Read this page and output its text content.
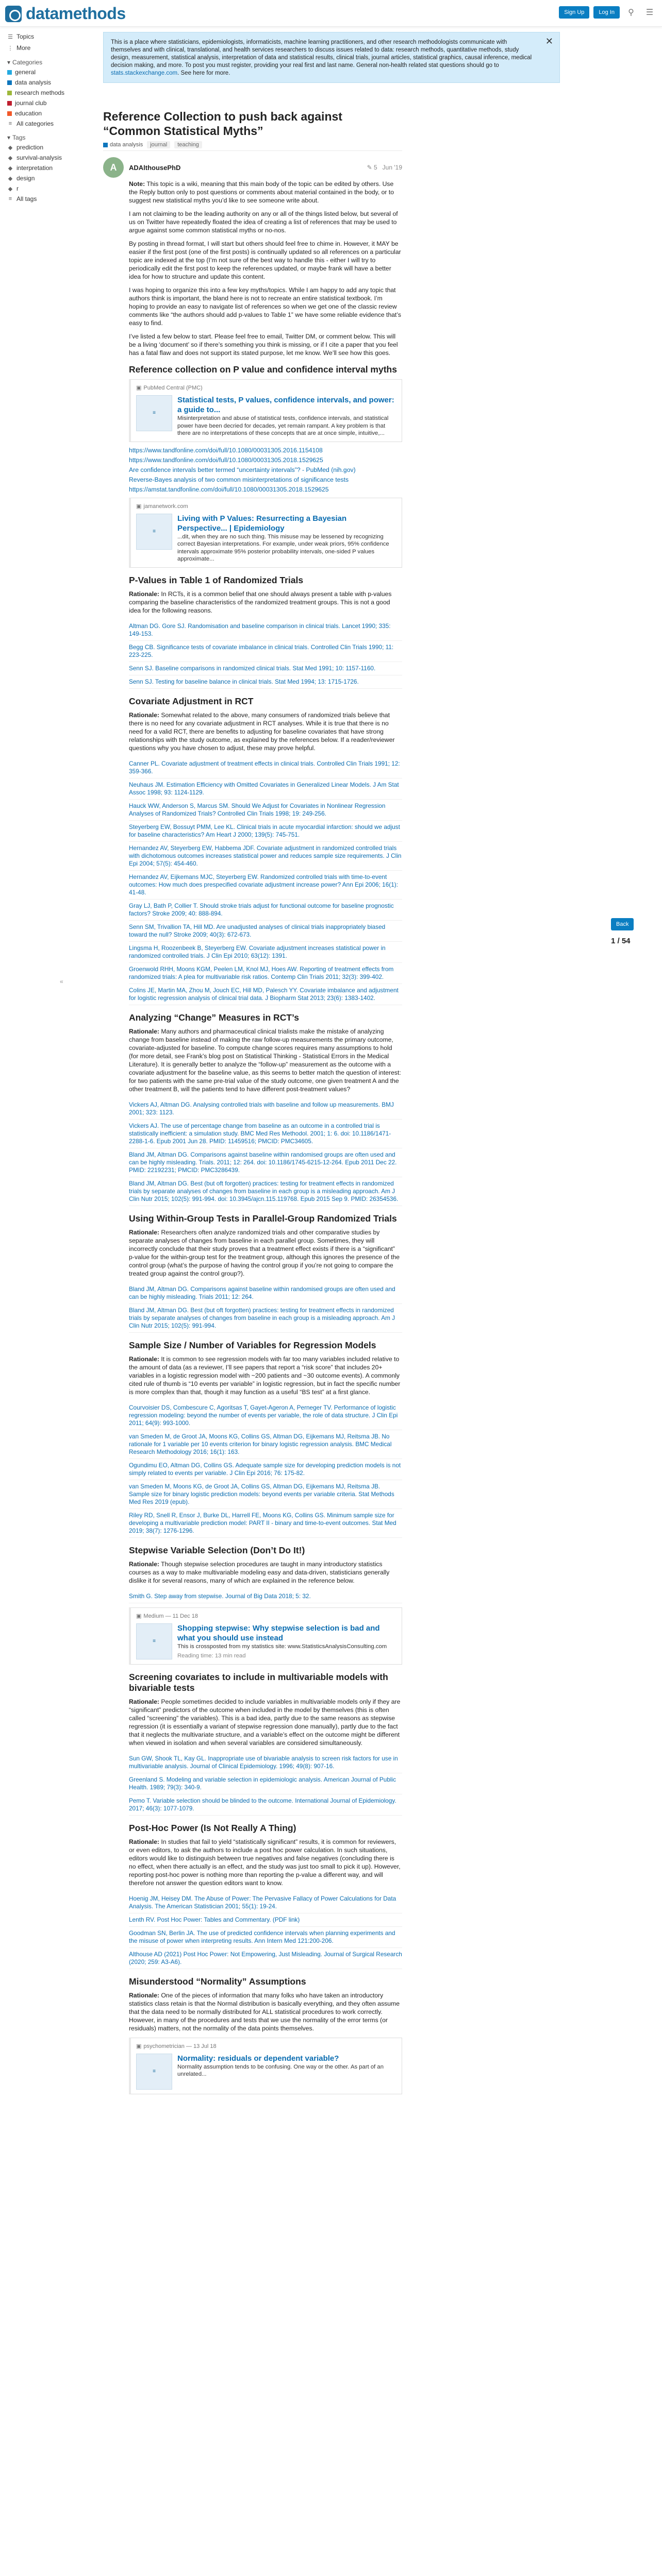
datamethods	Sign Up	Log In	⚲	☰
☰ Topics
⋮ More
▾ Categories
general
data analysis
research methods
journal club
education
≡ All categories
▾ Tags
◆ prediction
◆ survival-analysis
◆ interpretation
◆ design
◆ r
≡ All tags
This is a place where statisticians, epidemiologists, informaticists, machine learning practitioners, and other research methodologists communicate with themselves and with clinical, translational, and health services researchers to discuss issues related to data: research methods, quantitative methods, study design, measurement, statistical analysis, interpretation of data and statistical results, clinical trials, journal articles, statistical graphics, causal inference, medical decision making, and more. To post you must register, providing your real first and last name. General non-health related stat questions should go to stats.stackexchange.com. See here for more.
✕
Reference Collection to push back against “Common Statistical Myths”
data analysis	journal	teaching
A	ADAlthousePhD	✎ 5 Jun '19

Note: This topic is a wiki, meaning that this main body of the topic can be edited by others. Use the Reply button only to post questions or comments about material contained in the body, or to suggest new statistical myths you’d like to see someone write about.

I am not claiming to be the leading authority on any or all of the things listed below, but several of us on Twitter have repeatedly floated the idea of creating a list of references that may be used to argue against some common statistical myths or no-nos.

By posting in thread format, I will start but others should feel free to chime in. However, it MAY be easier if the first post (one of the first posts) is continually updated so all references on a particular topic are indexed at the top (I’m not sure of the best way to handle this - either I will try to periodically edit the first post to keep the references updated, or maybe frank will have a better idea for how to structure and update this content.

I was hoping to organize this into a few key myths/topics. While I am happy to add any topic that authors think is important, the bland here is not to recreate an entire statistical textbook. I’m hoping to provide an easy to navigate list of references so when we get one of the classic review comments like “the authors should add p-values to Table 1” we have some reliable evidence that’s easy to find.

I’ve listed a few below to start. Please feel free to email, Twitter DM, or comment below. This will be a living ‘document’ so if there’s something you think is missing, or if I cite a paper that you feel has a fatal flaw and does not support its stated purpose, let me know. We’ll see how this goes.

Reference collection on P value and confidence interval myths
▣ PubMed Central (PMC)
≡
Statistical tests, P values, confidence intervals, and power: a guide to...
Misinterpretation and abuse of statistical tests, confidence intervals, and statistical power have been decried for decades, yet remain rampant. A key problem is that there are no interpretations of these concepts that are at once simple, intuitive,...
https://www.tandfonline.com/doi/full/10.1080/00031305.2016.1154108
https://www.tandfonline.com/doi/full/10.1080/00031305.2018.1529625
Are confidence intervals better termed “uncertainty intervals”? - PubMed (nih.gov)
Reverse-Bayes analysis of two common misinterpretations of significance tests
https://amstat.tandfonline.com/doi/full/10.1080/00031305.2018.1529625
▣ jamanetwork.com
≡
Living with P Values: Resurrecting a Bayesian Perspective... | Epidemiology
...dit, when they are no such thing. This misuse may be lessened by recognizing correct Bayesian interpretations. For example, under weak priors, 95% confidence intervals approximate 95% posterior probability intervals, one-sided P values approximate...
P-Values in Table 1 of Randomized Trials

Rationale: In RCTs, it is a common belief that one should always present a table with p-values comparing the baseline characteristics of the randomized treatment groups. This is not a good idea for the following reasons.

Altman DG. Gore SJ. Randomisation and baseline comparison in clinical trials. Lancet 1990; 335: 149-153.
Begg CB. Significance tests of covariate imbalance in clinical trials. Controlled Clin Trials 1990; 11: 223-225.
Senn SJ. Baseline comparisons in randomized clinical trials. Stat Med 1991; 10: 1157-1160.
Senn SJ. Testing for baseline balance in clinical trials. Stat Med 1994; 13: 1715-1726.
Covariate Adjustment in RCT

Rationale: Somewhat related to the above, many consumers of randomized trials believe that there is no need for any covariate adjustment in RCT analyses. While it is true that there is no need for a valid RCT, there are benefits to adjusting for baseline covariates that have strong relationships with the study outcome, as explained by the references below. If a reader/reviewer questions why you have chosen to adjust, these may prove helpful.

Canner PL. Covariate adjustment of treatment effects in clinical trials. Controlled Clin Trials 1991; 12: 359-366.
Neuhaus JM. Estimation Efficiency with Omitted Covariates in Generalized Linear Models. J Am Stat Assoc 1998; 93: 1124-1129.
Hauck WW, Anderson S, Marcus SM. Should We Adjust for Covariates in Nonlinear Regression Analyses of Randomized Trials? Controlled Clin Trials 1998; 19: 249-256.
Steyerberg EW, Bossuyt PMM, Lee KL. Clinical trials in acute myocardial infarction: should we adjust for baseline characteristics? Am Heart J 2000; 139(5): 745-751.
Hernandez AV, Steyerberg EW, Habbema JDF. Covariate adjustment in randomized controlled trials with dichotomous outcomes increases statistical power and reduces sample size requirements. J Clin Epi 2004; 57(5): 454-460.
Hernandez AV, Eijkemans MJC, Steyerberg EW. Randomized controlled trials with time-to-event outcomes: How much does prespecified covariate adjustment increase power? Ann Epi 2006; 16(1): 41-48.
Gray LJ, Bath P, Collier T. Should stroke trials adjust for functional outcome for baseline prognostic factors? Stroke 2009; 40: 888-894.
Senn SM, Trivallion TA, Hill MD. Are unadjusted analyses of clinical trials inappropriately biased toward the null? Stroke 2009; 40(3): 672-673.
Lingsma H, Roozenbeek B, Steyerberg EW. Covariate adjustment increases statistical power in randomized controlled trials. J Clin Epi 2010; 63(12): 1391.
Groenwold RHH, Moons KGM, Peelen LM, Knol MJ, Hoes AW. Reporting of treatment effects from randomized trials: A plea for multivariable risk ratios. Contemp Clin Trials 2011; 32(3): 399-402.
Colins JE, Martin MA, Zhou M, Jouch EC, Hill MD, Palesch YY. Covariate imbalance and adjustment for logistic regression analysis of clinical trial data. J Biopharm Stat 2013; 23(6): 1383-1402.
Analyzing “Change” Measures in RCT’s

Rationale: Many authors and pharmaceutical clinical trialists make the mistake of analyzing change from baseline instead of making the raw follow-up measurements the primary outcome, covariate-adjusted for baseline. To compute change scores requires many assumptions to hold (for more detail, see Frank’s blog post on Statistical Thinking - Statistical Errors in the Medical Literature). It is generally better to analyze the “follow-up” measurement as the outcome with a covariate adjustment for the baseline value, as this seems to better match the question of interest: for two patients with the same pre-trial value of the study outcome, one given treatment A and the other treatment B, will the patients tend to have different post-treatment values?

Vickers AJ, Altman DG. Analysing controlled trials with baseline and follow up measurements. BMJ 2001; 323: 1123.
Vickers AJ. The use of percentage change from baseline as an outcome in a controlled trial is statistically inefficient: a simulation study. BMC Med Res Methodol. 2001; 1: 6. doi: 10.1186/1471-2288-1-6. Epub 2001 Jun 28. PMID: 11459516; PMCID: PMC34605.
Bland JM, Altman DG. Comparisons against baseline within randomised groups are often used and can be highly misleading. Trials. 2011; 12: 264. doi: 10.1186/1745-6215-12-264. Epub 2011 Dec 22. PMID: 22192231; PMCID: PMC3286439.
Bland JM, Altman DG. Best (but oft forgotten) practices: testing for treatment effects in randomized trials by separate analyses of changes from baseline in each group is a misleading approach. Am J Clin Nutr 2015; 102(5): 991-994. doi: 10.3945/ajcn.115.119768. Epub 2015 Sep 9. PMID: 26354536.
Using Within-Group Tests in Parallel-Group Randomized Trials

Rationale: Researchers often analyze randomized trials and other comparative studies by separate analyses of changes from baseline in each parallel group. Sometimes, they will incorrectly conclude that their study proves that a treatment effect exists if there is a “significant” p-value for the within-group test for the treatment group, although this ignores the presence of the control group (what’s the purpose of having the control group if you’re not going to compare the treated group against the control group?).

Bland JM, Altman DG. Comparisons against baseline within randomised groups are often used and can be highly misleading. Trials 2011; 12: 264.
Bland JM, Altman DG. Best (but oft forgotten) practices: testing for treatment effects in randomized trials by separate analyses of changes from baseline in each group is a misleading approach. Am J Clin Nutr 2015; 102(5): 991-994.
Sample Size / Number of Variables for Regression Models

Rationale: It is common to see regression models with far too many variables included relative to the amount of data (as a reviewer, I’ll see papers that report a “risk score” that includes 20+ variables in a logistic regression model with ~200 patients and ~30 outcome events). A commonly cited rule of thumb is “10 events per variable” in logistic regression, but in fact the specific number is more complex than that, though it may function as a useful “BS test” at a first glance.

Courvoisier DS, Combescure C, Agoritsas T, Gayet-Ageron A, Perneger TV. Performance of logistic regression modeling: beyond the number of events per variable, the role of data structure. J Clin Epi 2011; 64(9): 993-1000.
van Smeden M, de Groot JA, Moons KG, Collins GS, Altman DG, Eijkemans MJ, Reitsma JB. No rationale for 1 variable per 10 events criterion for binary logistic regression analysis. BMC Medical Research Methodology 2016; 16(1): 163.
Ogundimu EO, Altman DG, Collins GS. Adequate sample size for developing prediction models is not simply related to events per variable. J Clin Epi 2016; 76: 175-82.
van Smeden M, Moons KG, de Groot JA, Collins GS, Altman DG, Eijkemans MJ, Reitsma JB. Sample size for binary logistic prediction models: beyond events per variable criteria. Stat Methods Med Res 2019 (epub).
Riley RD, Snell R, Ensor J, Burke DL, Harrell FE, Moons KG, Collins GS. Minimum sample size for developing a multivariable prediction model: PART II - binary and time-to-event outcomes. Stat Med 2019; 38(7): 1276-1296.
Stepwise Variable Selection (Don’t Do It!)

Rationale: Though stepwise selection procedures are taught in many introductory statistics courses as a way to make multivariable modeling easy and data-driven, statisticians generally dislike it for several reasons, many of which are explained in the reference below.

Smith G. Step away from stepwise. Journal of Big Data 2018; 5: 32.
▣ Medium — 11 Dec 18
≡
Shopping stepwise: Why stepwise selection is bad and what you should use instead
This is crossposted from my statistics site: www.StatisticsAnalysisConsulting.com
Reading time: 13 min read
Screening covariates to include in multivariable models with bivariable tests

Rationale: People sometimes decided to include variables in multivariable models only if they are “significant” predictors of the outcome when included in the model by themselves (this is often called “screening” the variables). This is a bad idea, partly due to the same reasons as stepwise regression (it is essentially a variant of stepwise regression done manually), partly due to the fact that it neglects the multivariate structure, and a variable’s effect on the outcome might be different when viewed in isolation and when several variables are considered simultaneously.

Sun GW, Shook TL, Kay GL. Inappropriate use of bivariable analysis to screen risk factors for use in multivariable analysis. Journal of Clinical Epidemiology. 1996; 49(8): 907-16.
Greenland S. Modeling and variable selection in epidemiologic analysis. American Journal of Public Health. 1989; 79(3): 340-9.
Pemo T. Variable selection should be blinded to the outcome. International Journal of Epidemiology. 2017; 46(3): 1077-1079.
Post-Hoc Power (Is Not Really A Thing)

Rationale: In studies that fail to yield “statistically significant” results, it is common for reviewers, or even editors, to ask the authors to include a post hoc power calculation. In such situations, editors would like to distinguish between true negatives and false negatives (concluding there is no effect, when there actually is an effect, and the study was just too small to pick it up). However, reporting post-hoc power is nothing more than reporting the p-value a different way, and will therefore not answer the question editors want to know.

Hoenig JM, Heisey DM. The Abuse of Power: The Pervasive Fallacy of Power Calculations for Data Analysis. The American Statistician 2001; 55(1): 19-24.
Lenth RV. Post Hoc Power: Tables and Commentary. (PDF link)
Goodman SN, Berlin JA. The use of predicted confidence intervals when planning experiments and the misuse of power when interpreting results. Ann Intern Med 121:200-206.
Althouse AD (2021) Post Hoc Power: Not Empowering, Just Misleading. Journal of Surgical Research (2020; 259: A3-A6).
Misunderstood “Normality” Assumptions

Rationale: One of the pieces of information that many folks who have taken an introductory statistics class retain is that the Normal distribution is basically everything, and they often assume that the data need to be normally distributed for ALL statistical procedures to work correctly. However, in many of the procedures and tests that we use the normality of the error terms (or residuals) matters, not the normality of the data points themselves.

▣ psychometrician — 13 Jul 18
≡
Normality: residuals or dependent variable?
Normality assumption tends to be confusing. One way or the other. As part of an unrelated...
«
Back
1 / 54
